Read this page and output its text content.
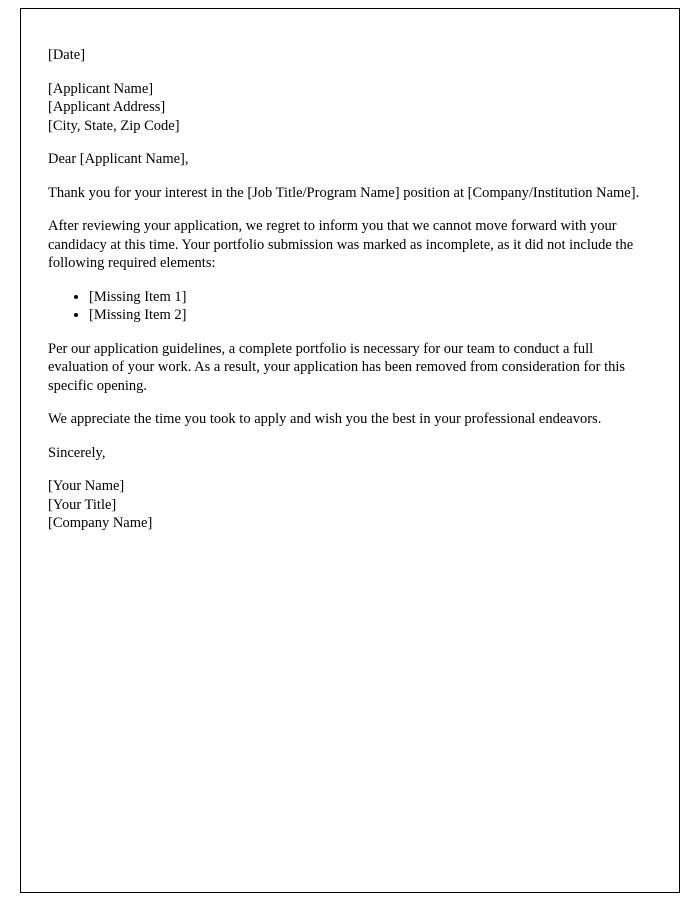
[Date]

[Applicant Name]
[Applicant Address]
[City, State, Zip Code]

Dear [Applicant Name],

Thank you for your interest in the [Job Title/Program Name] position at [Company/Institution Name].

After reviewing your application, we regret to inform you that we cannot move forward with your candidacy at this time. Your portfolio submission was marked as incomplete, as it did not include the following required elements:

• [Missing Item 1]
• [Missing Item 2]

Per our application guidelines, a complete portfolio is necessary for our team to conduct a full evaluation of your work. As a result, your application has been removed from consideration for this specific opening.

We appreciate the time you took to apply and wish you the best in your professional endeavors.

Sincerely,

[Your Name]
[Your Title]
[Company Name]
